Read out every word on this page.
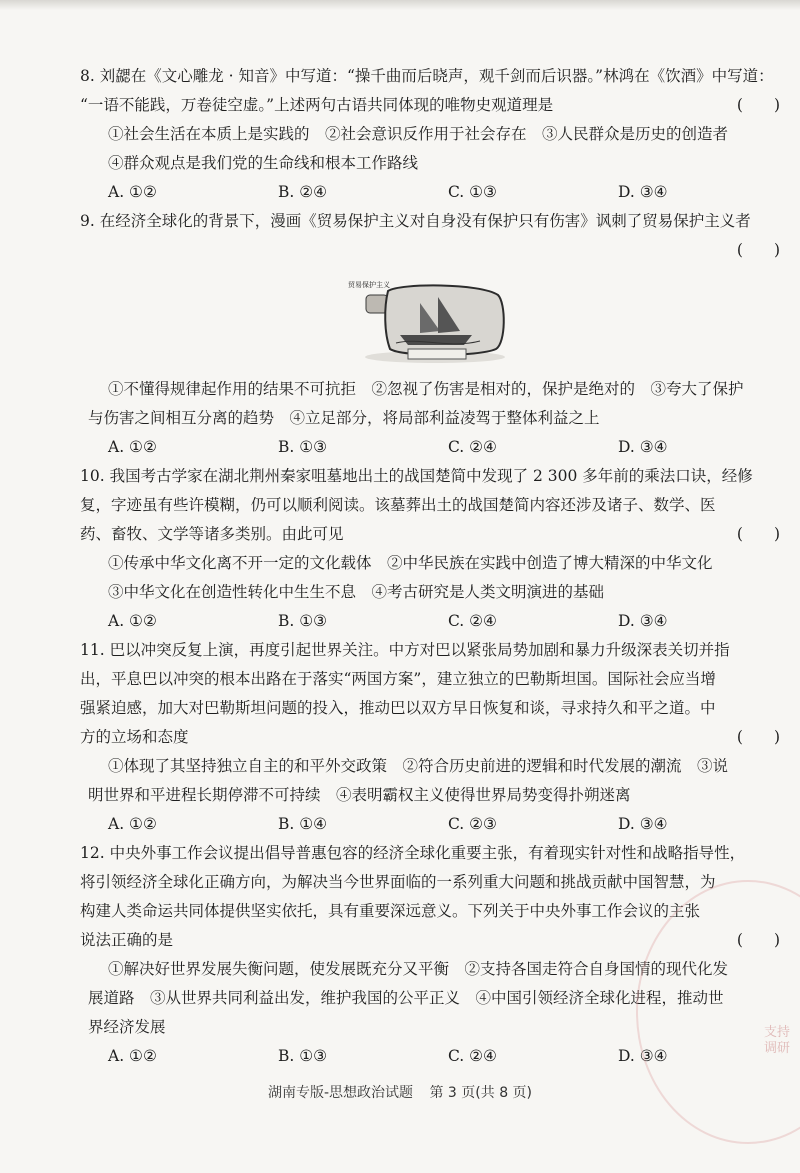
8. 刘勰在《文心雕龙 · 知音》中写道：“操千曲而后晓声，观千剑而后识器。”林鸿在《饮酒》中写道：
“一语不能践，万卷徒空虚。”上述两句古语共同体现的唯物史观道理是	(　　)
①社会生活在本质上是实践的　②社会意识反作用于社会存在　③人民群众是历史的创造者
④群众观点是我们党的生命线和根本工作路线
A. ①②	B. ②④	C. ①③	D. ③④
9. 在经济全球化的背景下，漫画《贸易保护主义对自身没有保护只有伤害》讽刺了贸易保护主义者
(　　)
①不懂得规律起作用的结果不可抗拒　②忽视了伤害是相对的，保护是绝对的　③夸大了保护
与伤害之间相互分离的趋势　④立足部分，将局部利益凌驾于整体利益之上
A. ①②	B. ①③	C. ②④	D. ③④
10. 我国考古学家在湖北荆州秦家咀墓地出土的战国楚简中发现了 2 300 多年前的乘法口诀，经修
复，字迹虽有些许模糊，仍可以顺利阅读。该墓葬出土的战国楚简内容还涉及诸子、数学、医
药、畜牧、文学等诸多类别。由此可见	(　　)
①传承中华文化离不开一定的文化载体　②中华民族在实践中创造了博大精深的中华文化
③中华文化在创造性转化中生生不息　④考古研究是人类文明演进的基础
A. ①②	B. ①③	C. ②④	D. ③④
11. 巴以冲突反复上演，再度引起世界关注。中方对巴以紧张局势加剧和暴力升级深表关切并指
出，平息巴以冲突的根本出路在于落实“两国方案”，建立独立的巴勒斯坦国。国际社会应当增
强紧迫感，加大对巴勒斯坦问题的投入，推动巴以双方早日恢复和谈，寻求持久和平之道。中
方的立场和态度	(　　)
①体现了其坚持独立自主的和平外交政策　②符合历史前进的逻辑和时代发展的潮流　③说
明世界和平进程长期停滞不可持续　④表明霸权主义使得世界局势变得扑朔迷离
A. ①②	B. ①④	C. ②③	D. ③④
12. 中央外事工作会议提出倡导普惠包容的经济全球化重要主张，有着现实针对性和战略指导性，
将引领经济全球化正确方向，为解决当今世界面临的一系列重大问题和挑战贡献中国智慧，为
构建人类命运共同体提供坚实依托，具有重要深远意义。下列关于中央外事工作会议的主张
说法正确的是	(　　)
①解决好世界发展失衡问题，使发展既充分又平衡　②支持各国走符合自身国情的现代化发
展道路　③从世界共同利益出发，维护我国的公平正义　④中国引领经济全球化进程，推动世
界经济发展
A. ①②	B. ①③	C. ②④	D. ③④
湖南专版-思想政治试题 第 3 页(共 8 页)
支持调研
贸易保护主义
